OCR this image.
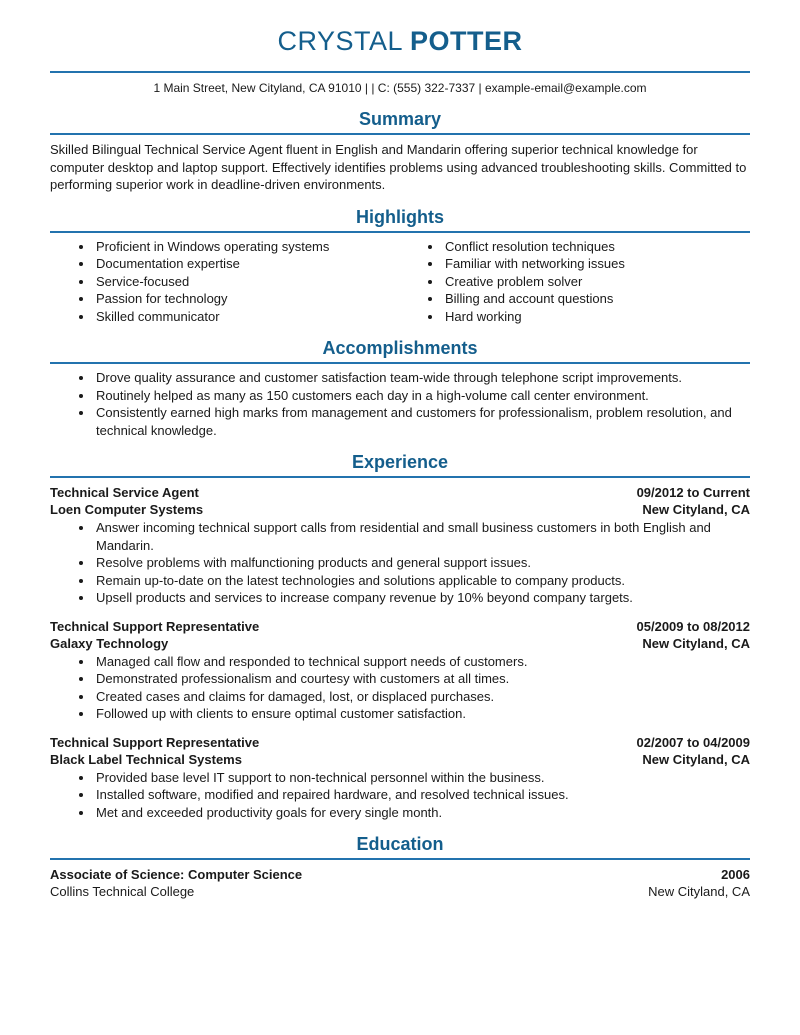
CRYSTAL POTTER
1 Main Street, New Cityland, CA 91010 | | C: (555) 322-7337 | example-email@example.com
Summary

Skilled Bilingual Technical Service Agent fluent in English and Mandarin offering superior technical knowledge for computer desktop and laptop support. Effectively identifies problems using advanced troubleshooting skills. Committed to performing superior work in deadline-driven environments.

Highlights
• Proficient in Windows operating systems
• Documentation expertise
• Service-focused
• Passion for technology
• Skilled communicator
• Conflict resolution techniques
• Familiar with networking issues
• Creative problem solver
• Billing and account questions
• Hard working
Accomplishments
• Drove quality assurance and customer satisfaction team-wide through telephone script improvements.
• Routinely helped as many as 150 customers each day in a high-volume call center environment.
• Consistently earned high marks from management and customers for professionalism, problem resolution, and technical knowledge.
Experience
Technical Service Agent	09/2012 to Current
Loen Computer Systems	New Cityland, CA
• Answer incoming technical support calls from residential and small business customers in both English and Mandarin.
• Resolve problems with malfunctioning products and general support issues.
• Remain up-to-date on the latest technologies and solutions applicable to company products.
• Upsell products and services to increase company revenue by 10% beyond company targets.
Technical Support Representative	05/2009 to 08/2012
Galaxy Technology	New Cityland, CA
• Managed call flow and responded to technical support needs of customers.
• Demonstrated professionalism and courtesy with customers at all times.
• Created cases and claims for damaged, lost, or displaced purchases.
• Followed up with clients to ensure optimal customer satisfaction.
Technical Support Representative	02/2007 to 04/2009
Black Label Technical Systems	New Cityland, CA
• Provided base level IT support to non-technical personnel within the business.
• Installed software, modified and repaired hardware, and resolved technical issues.
• Met and exceeded productivity goals for every single month.
Education
Associate of Science: Computer Science	2006
Collins Technical College	New Cityland, CA
